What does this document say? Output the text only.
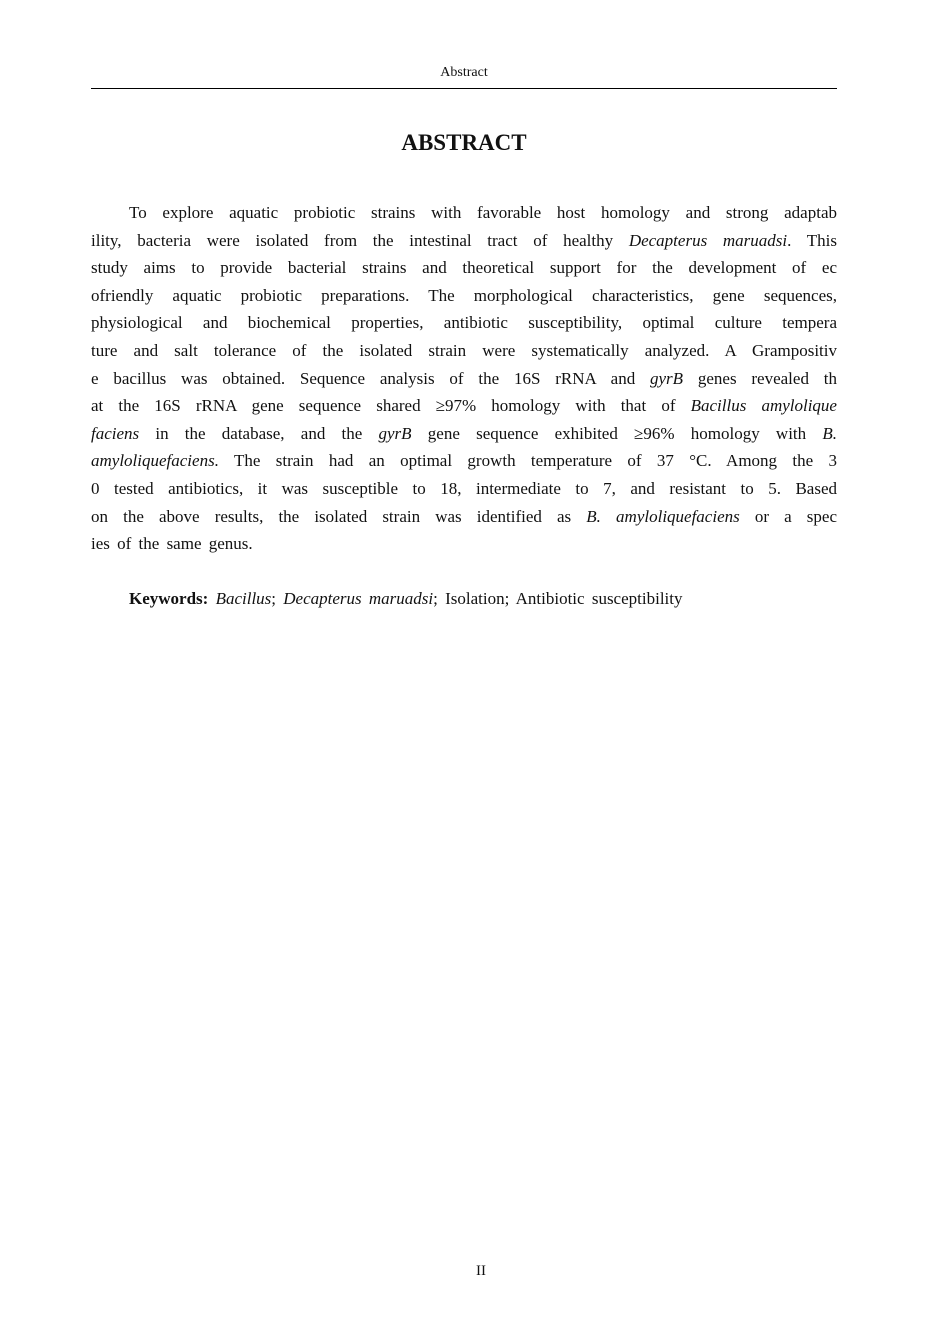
Abstract
ABSTRACT
To explore aquatic probiotic strains with favorable host homology and strong adaptab
ility, bacteria were isolated from the intestinal tract of healthy Decapterus maruadsi. This
study aims to provide bacterial strains and theoretical support for the development of ec
ofriendly aquatic probiotic preparations. The morphological characteristics, gene sequences,
physiological and biochemical properties, antibiotic susceptibility, optimal culture tempera
ture and salt tolerance of the isolated strain were systematically analyzed. A Grampositiv
e bacillus was obtained. Sequence analysis of the 16S rRNA and gyrB genes revealed th
at the 16S rRNA gene sequence shared ≥97% homology with that of Bacillus amylolique
faciens in the database, and the gyrB gene sequence exhibited ≥96% homology with B.
amyloliquefaciens. The strain had an optimal growth temperature of 37 °C. Among the 3
0 tested antibiotics, it was susceptible to 18, intermediate to 7, and resistant to 5. Based
on the above results, the isolated strain was identified as B. amyloliquefaciens or a spec
ies of the same genus.

Keywords: Bacillus; Decapterus maruadsi; Isolation; Antibiotic susceptibility

II
